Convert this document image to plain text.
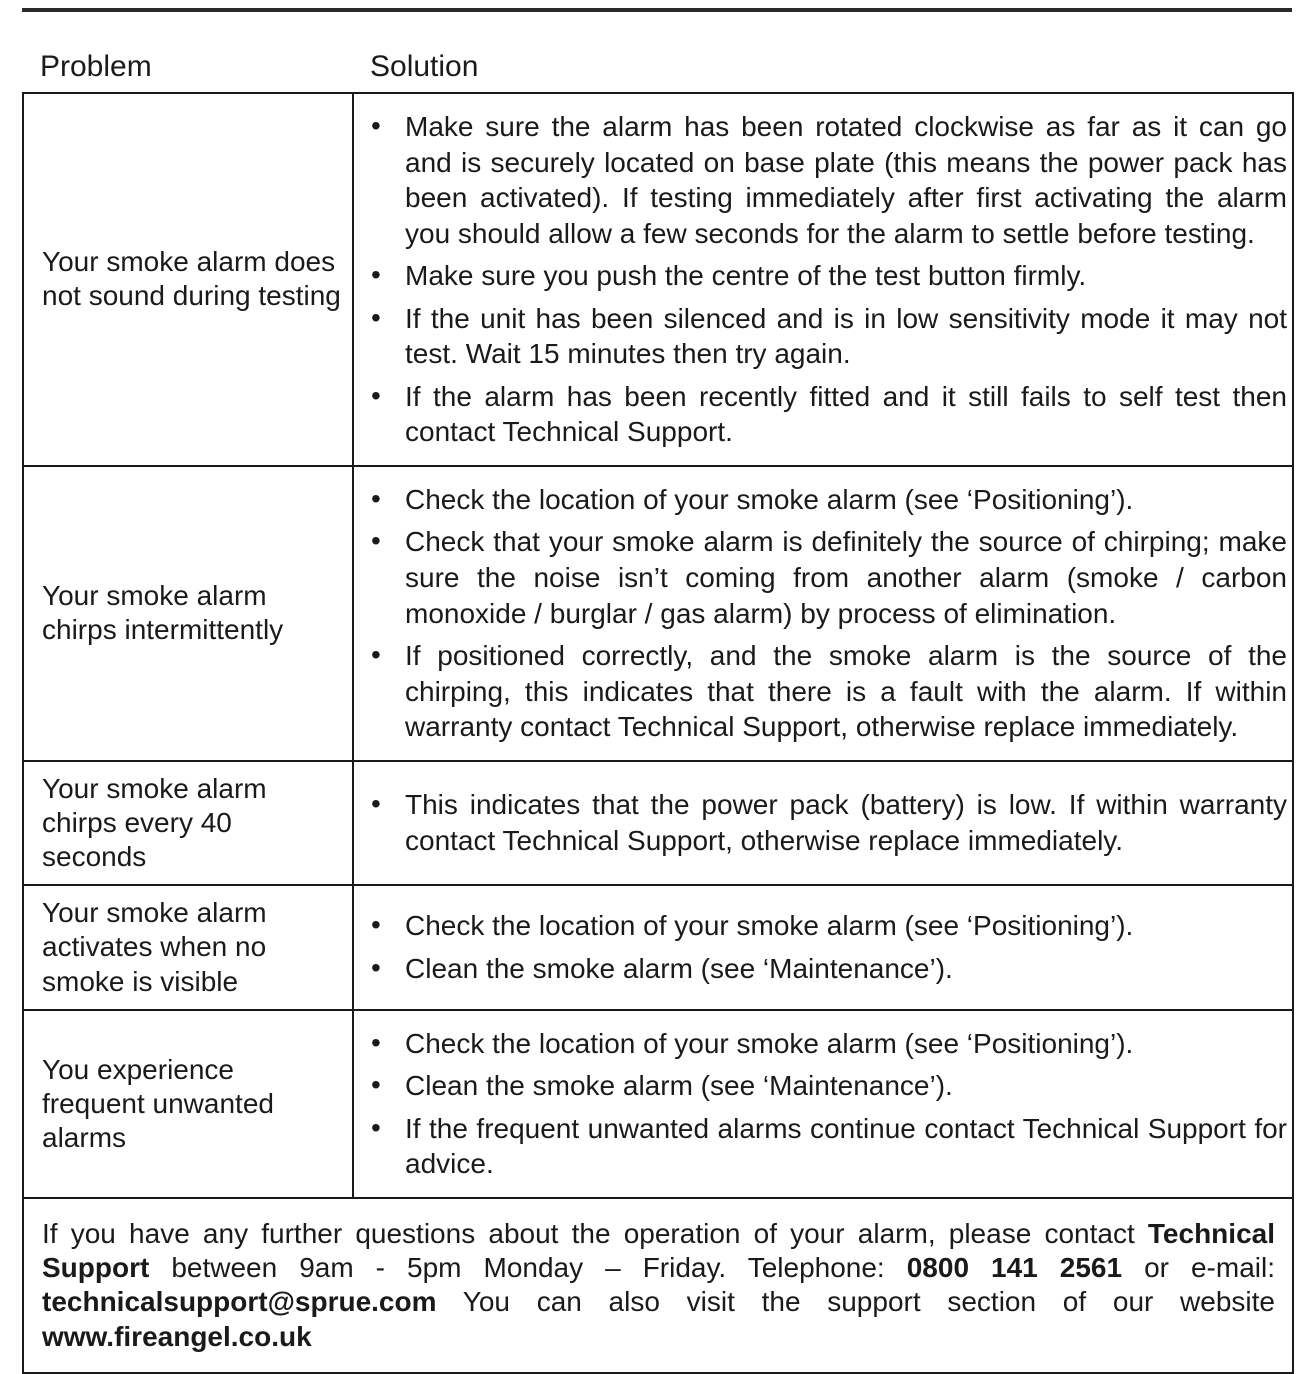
Problem	Solution
Your smoke alarm does not sound during testing	
• Make sure the alarm has been rotated clockwise as far as it can go and is securely located on base plate (this means the power pack has been activated). If testing immediately after first activating the alarm you should allow a few seconds for the alarm to settle before testing.
• Make sure you push the centre of the test button firmly.
• If the unit has been silenced and is in low sensitivity mode it may not test. Wait 15 minutes then try again.
• If the alarm has been recently fitted and it still fails to self test then contact Technical Support.

Your smoke alarm chirps intermittently	
• Check the location of your smoke alarm (see ‘Positioning’).
• Check that your smoke alarm is definitely the source of chirping; make sure the noise isn’t coming from another alarm (smoke / carbon monoxide / burglar / gas alarm) by process of elimination.
• If positioned correctly, and the smoke alarm is the source of the chirping, this indicates that there is a fault with the alarm. If within warranty contact Technical Support, otherwise replace immediately.

Your smoke alarm chirps every 40 seconds	
• This indicates that the power pack (battery) is low. If within warranty contact Technical Support, otherwise replace immediately.

Your smoke alarm activates when no smoke is visible	
• Check the location of your smoke alarm (see ‘Positioning’).
• Clean the smoke alarm (see ‘Maintenance’).

You experience frequent unwanted alarms	
• Check the location of your smoke alarm (see ‘Positioning’).
• Clean the smoke alarm (see ‘Maintenance’).
• If the frequent unwanted alarms continue contact Technical Support for advice.

If you have any further questions about the operation of your alarm, please contact Technical Support between 9am - 5pm Monday – Friday. Telephone: 0800 141 2561 or e-mail: technicalsupport@sprue.com You can also visit the support section of our website www.fireangel.co.uk	
